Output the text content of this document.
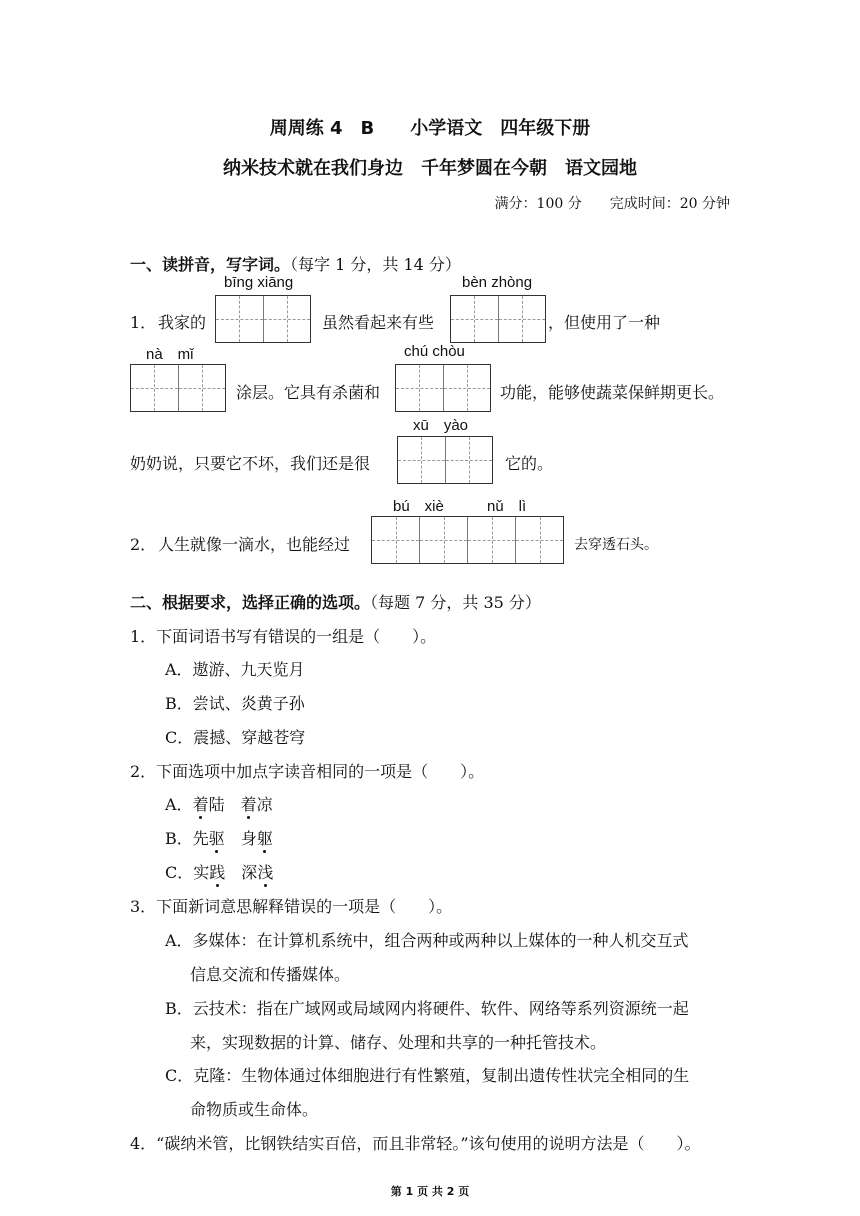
周周练 4　B　　小学语文　四年级下册
纳米技术就在我们身边　千年梦圆在今朝　语文园地
满分：100 分　　完成时间：20 分钟
一、读拼音，写字词。（每字 1 分，共 14 分）
bīng xiāng	bèn zhòng
1． 我家的	虽然看起来有些	，但使用了一种
nà　mǐ	chú chòu
涂层。它具有杀菌和	功能，能够使蔬菜保鲜期更长。
xū　yào
奶奶说，只要它不坏，我们还是很	它的。
bú　xiè	nǔ　lì
2． 人生就像一滴水，也能经过	去穿透石头。
二、根据要求，选择正确的选项。（每题 7 分，共 35 分）
1．下面词语书写有错误的一组是（　　）。
A．遨游、九天览月
B．尝试、炎黄子孙
C．震撼、穿越苍穹
2．下面选项中加点字读音相同的一项是（　　）。
A．着陆　 着凉
B．先驱　 身躯
C．实践　 深浅
3．下面新词意思解释错误的一项是（　　）。
A．多媒体：在计算机系统中，组合两种或两种以上媒体的一种人机交互式
信息交流和传播媒体。
B．云技术：指在广域网或局域网内将硬件、软件、网络等系列资源统一起
来，实现数据的计算、储存、处理和共享的一种托管技术。
C．克隆：生物体通过体细胞进行有性繁殖，复制出遗传性状完全相同的生
命物质或生命体。
4．“碳纳米管，比钢铁结实百倍，而且非常轻。”该句使用的说明方法是（　　）。
第 1 页 共 2 页
